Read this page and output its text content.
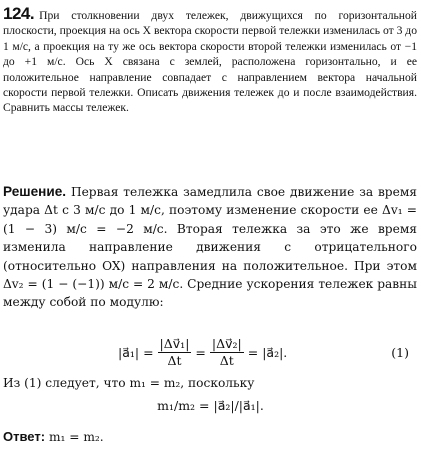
124. При столкновении двух тележек, движущихся по горизонтальной плоскости, проекция на ось X вектора скорости первой тележки изменилась от 3 до 1 м/с, а проекция на ту же ось вектора скорости второй тележки изменилась от −1 до +1 м/с. Ось X связана с землей, расположена горизонтально, и ее положительное направление совпадает с направлением вектора начальной скорости первой тележки. Описать движения тележек до и после взаимодействия. Сравнить массы тележек.
Решение. Первая тележка замедлила свое движение за время удара Δt с 3 м/с до 1 м/с, поэтому изменение скорости ее Δv₁ = (1 − 3) м/с = −2 м/с. Вторая тележка за это же время изменила направление движения с отрицательного (относительно OX) направления на положительное. При этом Δv₂ = (1 − (−1)) м/с = 2 м/с. Средние ускорения тележек равны между собой по модулю:
|a⃗₁| = $\frac{\text{|Δv⃗₁|}}{\Delta t} = \frac{\text{|Δv⃗₂|}}{\Delta t}$ = |a⃗₂|.	(1)
Из (1) следует, что m₁ = m₂, поскольку
m₁/m₂ = |a⃗₂|/|a⃗₁|.
Ответ: m₁ = m₂.
